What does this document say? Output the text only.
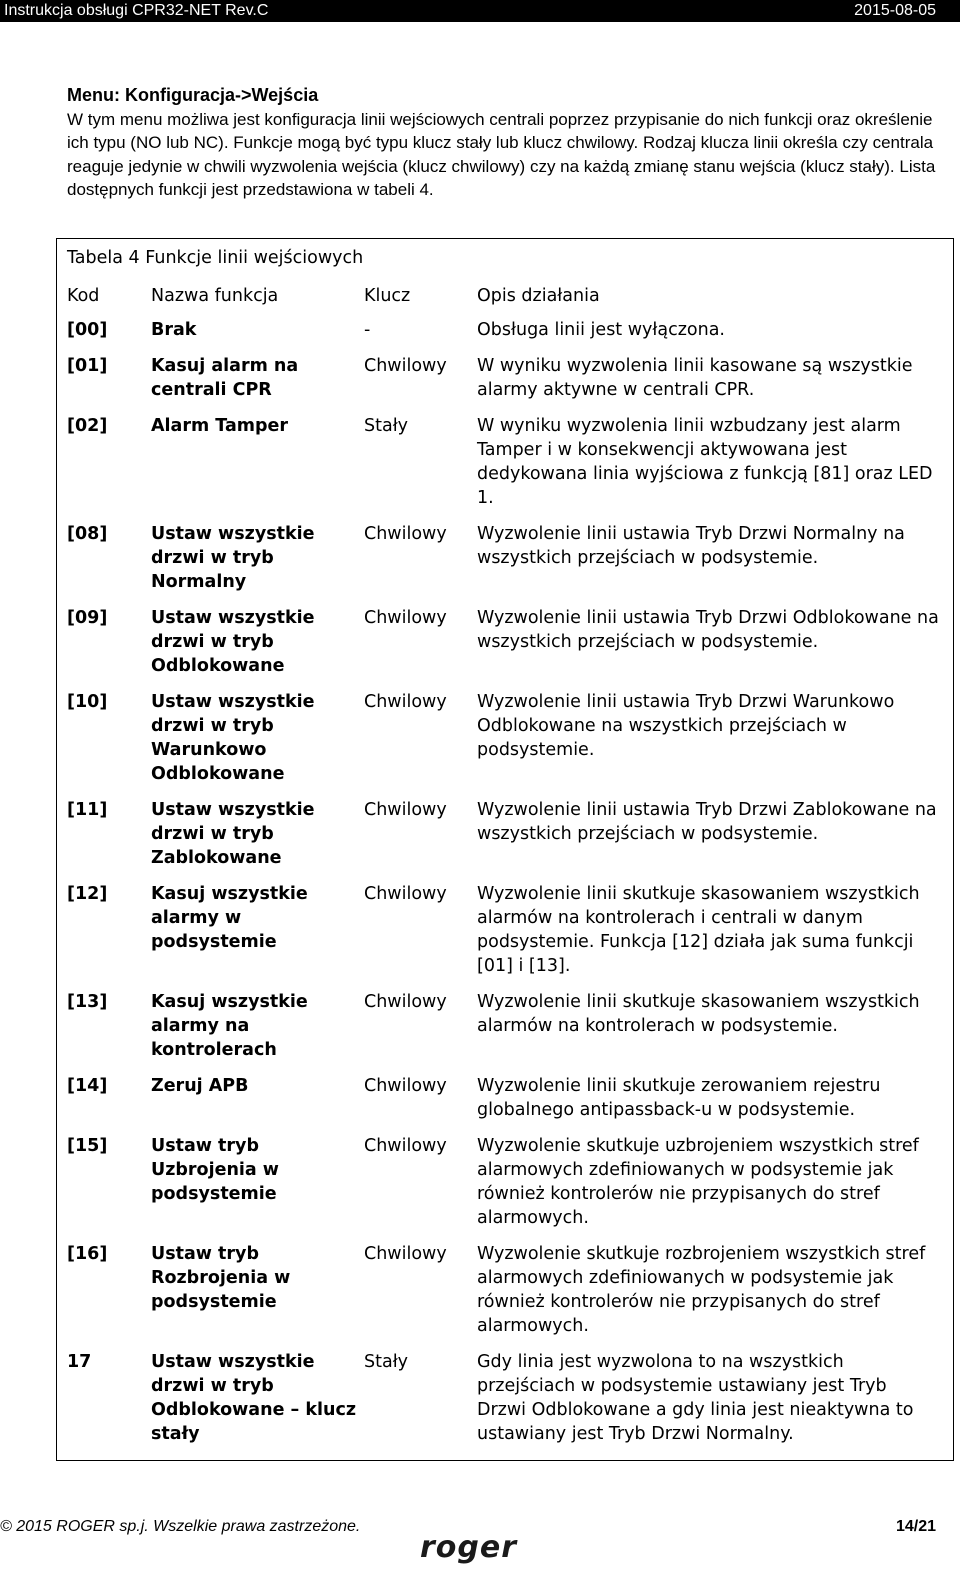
Instrukcja obsługi CPR32-NET Rev.C	2015-08-05
Menu: Konfiguracja->Wejścia
W tym menu możliwa jest konfiguracja linii wejściowych centrali poprzez przypisanie do nich funkcji oraz określenie ich typu (NO lub NC). Funkcje mogą być typu klucz stały lub klucz chwilowy. Rodzaj klucza linii określa czy centrala reaguje jedynie w chwili wyzwolenia wejścia (klucz chwilowy) czy na każdą zmianę stanu wejścia (klucz stały). Lista dostępnych funkcji jest przedstawiona w tabeli 4.
Tabela 4 Funkcje linii wejściowych			
Kod	Nazwa funkcja	Klucz	Opis działania
[00]	Brak	-	Obsługa linii jest wyłączona.
[01]	Kasuj alarm na centrali CPR	Chwilowy	W wyniku wyzwolenia linii kasowane są wszystkie alarmy aktywne w centrali CPR.
[02]	Alarm Tamper	Stały	W wyniku wyzwolenia linii wzbudzany jest alarm Tamper i w konsekwencji aktywowana jest dedykowana linia wyjściowa z funkcją [81] oraz LED 1.
[08]	Ustaw wszystkie drzwi w tryb Normalny	Chwilowy	Wyzwolenie linii ustawia Tryb Drzwi Normalny na wszystkich przejściach w podsystemie.
[09]	Ustaw wszystkie drzwi w tryb Odblokowane	Chwilowy	Wyzwolenie linii ustawia Tryb Drzwi Odblokowane na wszystkich przejściach w podsystemie.
[10]	Ustaw wszystkie drzwi w tryb Warunkowo Odblokowane	Chwilowy	Wyzwolenie linii ustawia Tryb Drzwi Warunkowo Odblokowane na wszystkich przejściach w podsystemie.
[11]	Ustaw wszystkie drzwi w tryb Zablokowane	Chwilowy	Wyzwolenie linii ustawia Tryb Drzwi Zablokowane na wszystkich przejściach w podsystemie.
[12]	Kasuj wszystkie alarmy w podsystemie	Chwilowy	Wyzwolenie linii skutkuje skasowaniem wszystkich alarmów na kontrolerach i centrali w danym podsystemie. Funkcja [12] działa jak suma funkcji [01] i [13].
[13]	Kasuj wszystkie alarmy na kontrolerach	Chwilowy	Wyzwolenie linii skutkuje skasowaniem wszystkich alarmów na kontrolerach w podsystemie.
[14]	Zeruj APB	Chwilowy	Wyzwolenie linii skutkuje zerowaniem rejestru globalnego antipassback-u w podsystemie.
[15]	Ustaw tryb Uzbrojenia w podsystemie	Chwilowy	Wyzwolenie skutkuje uzbrojeniem wszystkich stref alarmowych zdefiniowanych w podsystemie jak również kontrolerów nie przypisanych do stref alarmowych.
[16]	Ustaw tryb Rozbrojenia w podsystemie	Chwilowy	Wyzwolenie skutkuje rozbrojeniem wszystkich stref alarmowych zdefiniowanych w podsystemie jak również kontrolerów nie przypisanych do stref alarmowych.
17	Ustaw wszystkie drzwi w tryb Odblokowane – klucz stały	Stały	Gdy linia jest wyzwolona to na wszystkich przejściach w podsystemie ustawiany jest Tryb Drzwi Odblokowane a gdy linia jest nieaktywna to ustawiany jest Tryb Drzwi Normalny.
© 2015 ROGER sp.j. Wszelkie prawa zastrzeżone.	14/21
roger
